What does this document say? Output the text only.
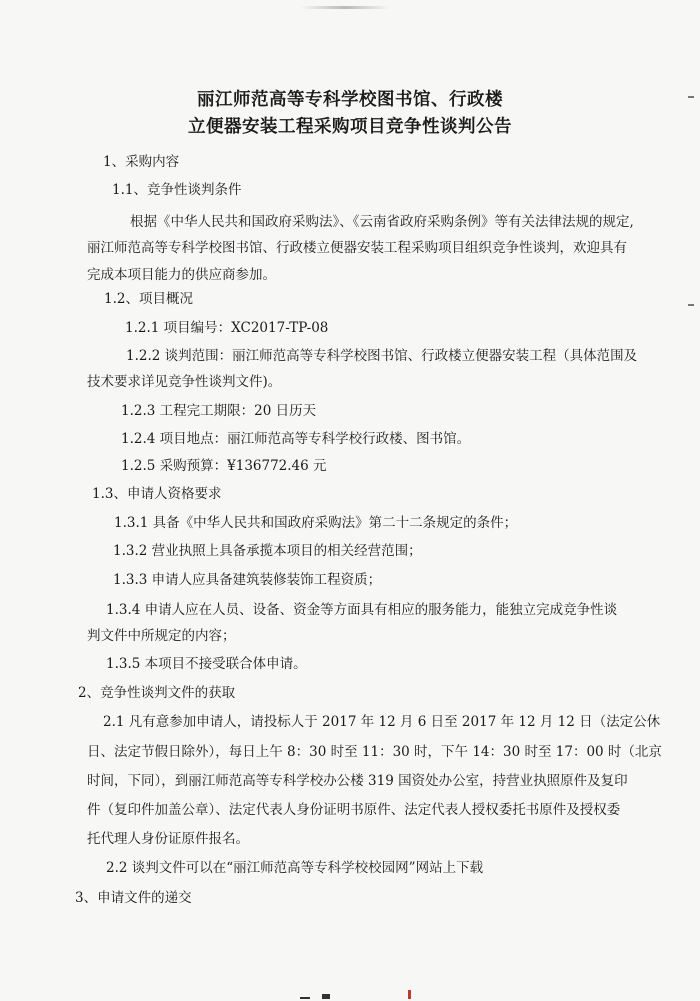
丽江师范高等专科学校图书馆、行政楼
立便器安装工程采购项目竞争性谈判公告
1、采购内容
1.1、竞争性谈判条件
根据《中华人民共和国政府采购法》、《云南省政府采购条例》等有关法律法规的规定,
丽江师范高等专科学校图书馆、行政楼立便器安装工程采购项目组织竞争性谈判，欢迎具有
完成本项目能力的供应商参加。
1.2、项目概况
1.2.1 项目编号：XC2017-TP-08
1.2.2 谈判范围：丽江师范高等专科学校图书馆、行政楼立便器安装工程（具体范围及
技术要求详见竞争性谈判文件)。
1.2.3 工程完工期限：20 日历天
1.2.4 项目地点：丽江师范高等专科学校行政楼、图书馆。
1.2.5 采购预算：¥136772.46 元
1.3、申请人资格要求
1.3.1 具备《中华人民共和国政府采购法》第二十二条规定的条件；
1.3.2 营业执照上具备承揽本项目的相关经营范围；
1.3.3 申请人应具备建筑装修装饰工程资质；
1.3.4 申请人应在人员、设备、资金等方面具有相应的服务能力，能独立完成竞争性谈
判文件中所规定的内容；
1.3.5 本项目不接受联合体申请。
2、竞争性谈判文件的获取
2.1 凡有意参加申请人，请投标人于 2017 年 12 月 6 日至 2017 年 12 月 12 日（法定公休
日、法定节假日除外），每日上午 8：30 时至 11：30 时，下午 14：30 时至 17：00 时（北京
时间，下同），到丽江师范高等专科学校办公楼 319 国资处办公室，持营业执照原件及复印
件（复印件加盖公章）、法定代表人身份证明书原件、法定代表人授权委托书原件及授权委
托代理人身份证原件报名。
2.2 谈判文件可以在“丽江师范高等专科学校校园网”网站上下载
3、申请文件的递交
